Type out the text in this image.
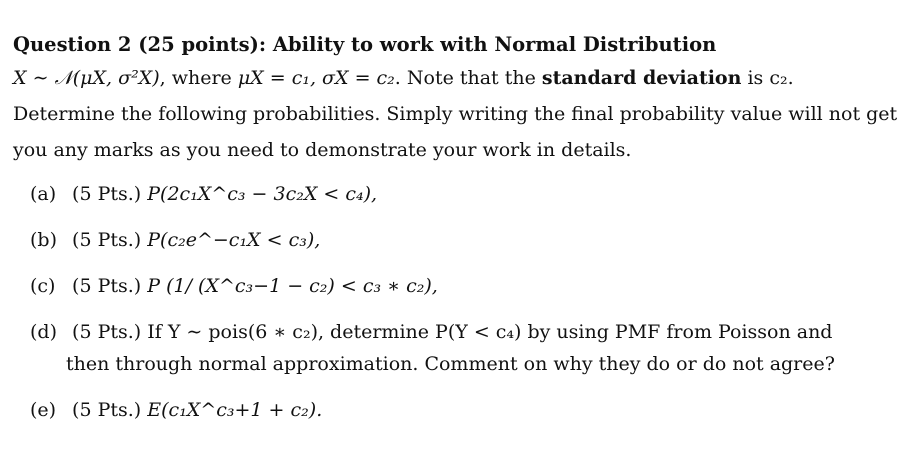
Question 2 (25 points): Ability to work with Normal Distribution
X ∼ 𝒩(μX, σ²X), where μX = c₁, σX = c₂. Note that the standard deviation is c₂.
Determine the following probabilities. Simply writing the final probability value will not get
you any marks as you need to demonstrate your work in details.
(a) (5 Pts.) P(2c₁X^c₃ − 3c₂X < c₄),
(b) (5 Pts.) P(c₂e^−c₁X < c₃),
(c) (5 Pts.) P (1/ (X^c₃−1 − c₂) < c₃ ∗ c₂),
(d) (5 Pts.) If Y ∼ pois(6 ∗ c₂), determine P(Y < c₄) by using PMF from Poisson and
then through normal approximation. Comment on why they do or do not agree?
(e) (5 Pts.) E(c₁X^c₃+1 + c₂).
